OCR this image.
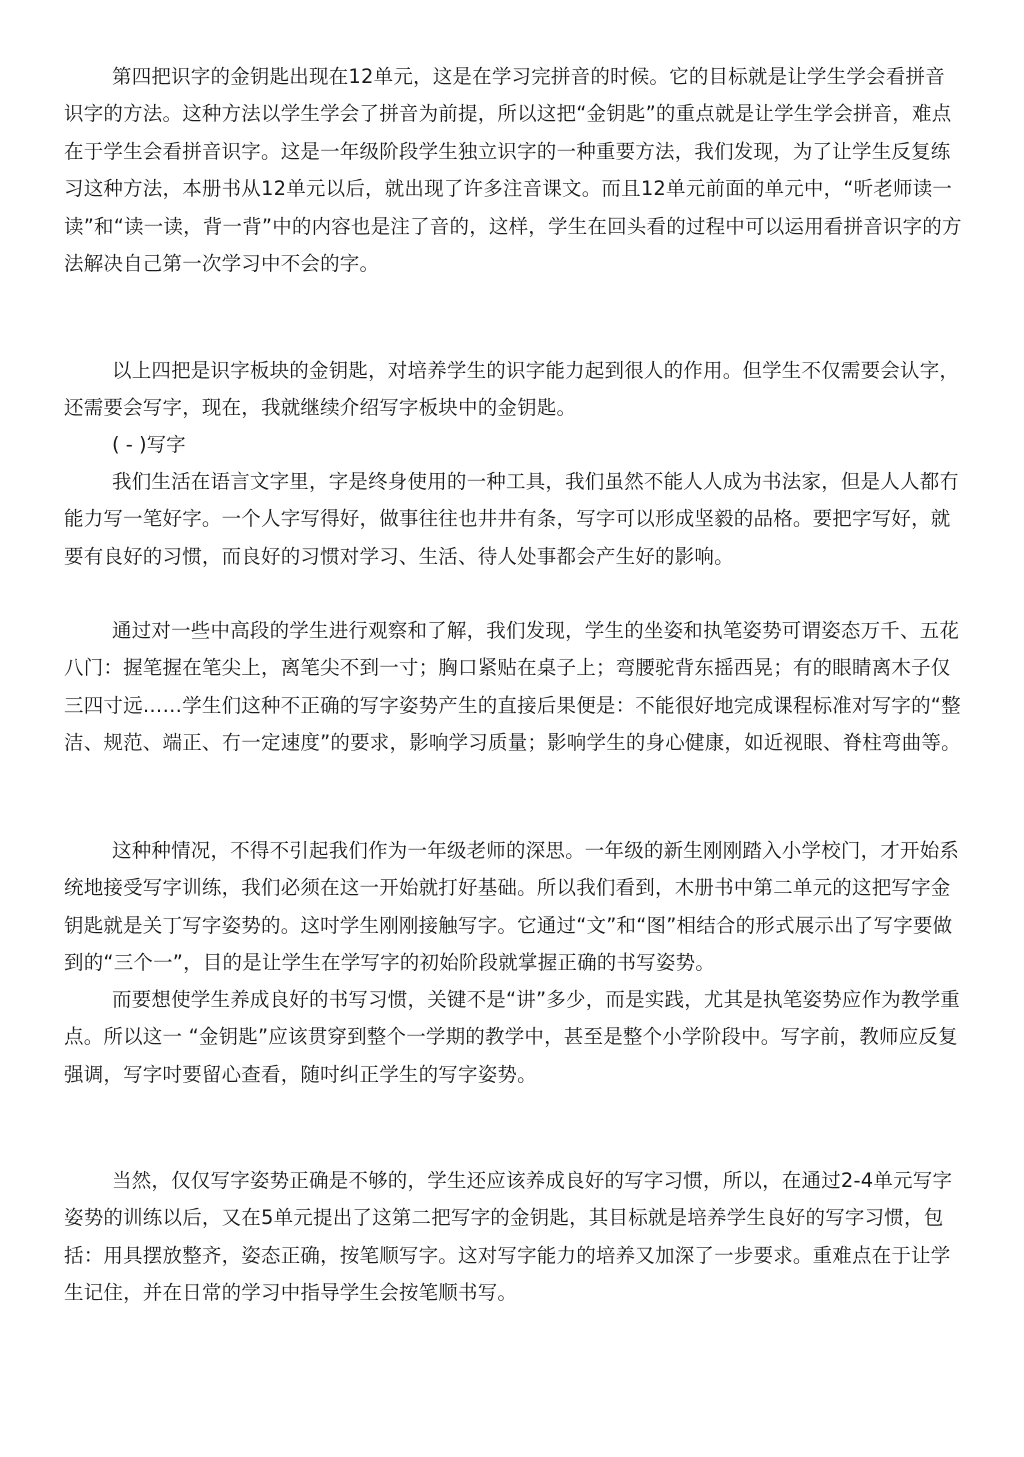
第四把识字的金钥匙出现在12单元，这是在学习完拼音的时候。它的目标就是让学生学会看拼音识字的方法。这种方法以学生学会了拼音为前提，所以这把“金钥匙”的重点就是让学生学会拼音，难点在于学生会看拼音识字。这是一年级阶段学生独立识字的一种重要方法，我们发现，为了让学生反复练习这种方法，本册书从12单元以后，就出现了许多注音课文。而且12单元前面的单元中，“听老师读一读”和“读一读，背一背”中的内容也是注了音的，这样，学生在回头看的过程中可以运用看拼音识字的方法解决自己第一次学习中不会的字。

以上四把是识字板块的金钥匙，对培养学生的识字能力起到很人的作用。但学生不仅需要会认字，还需要会写字，现在，我就继续介绍写字板块中的金钥匙。

( - )写字

我们生活在语言文字里，字是终身使用的一种工具，我们虽然不能人人成为书法家，但是人人都冇能力写一笔好字。一个人字写得好，做事往往也井井有条，写字可以形成坚毅的品格。要把字写好，就要有良好的习惯，而良好的习惯对学习、生活、待人处事都会产生好的影响。

通过对一些中高段的学生进行观察和了解，我们发现，学生的坐姿和执笔姿势可谓姿态万千、五花八门：握笔握在笔尖上，离笔尖不到一寸；胸口紧贴在桌子上；弯腰驼背东摇西晃；有的眼睛离木子仅三四寸远……学生们这种不正确的写字姿势产生的直接后果便是：不能很好地完成课程标准对写字的“整洁、规范、端正、冇一定速度”的要求，影响学习质量；影响学生的身心健康，如近视眼、脊柱弯曲等。

这种种情况，不得不引起我们作为一年级老师的深思。一年级的新生刚刚踏入小学校门，才开始系统地接受写字训练，我们必须在这一开始就打好基础。所以我们看到，木册书中第二单元的这把写字金钥匙就是关丁写字姿势的。这吋学生刚刚接触写字。它通过“文”和“图”相结合的形式展示出了写字要做到的“三个一”，目的是让学生在学写字的初始阶段就掌握正确的书写姿势。

而要想使学生养成良好的书写习惯，关键不是“讲”多少，而是实践，尤其是执笔姿势应作为教学重点。所以这一 “金钥匙”应该贯穿到整个一学期的教学中，甚至是整个小学阶段中。写字前，教师应反复强调，写字吋要留心查看，随吋纠正学生的写字姿势。

当然，仅仅写字姿势正确是不够的，学生还应该养成良好的写字习惯，所以，在通过2-4单元写字姿势的训练以后，又在5单元提出了这第二把写字的金钥匙，其目标就是培养学生良好的写字习惯，包括：用具摆放整齐，姿态正确，按笔顺写字。这对写字能力的培养又加深了一步要求。重难点在于让学生记住，并在日常的学习中指导学生会按笔顺书写。
